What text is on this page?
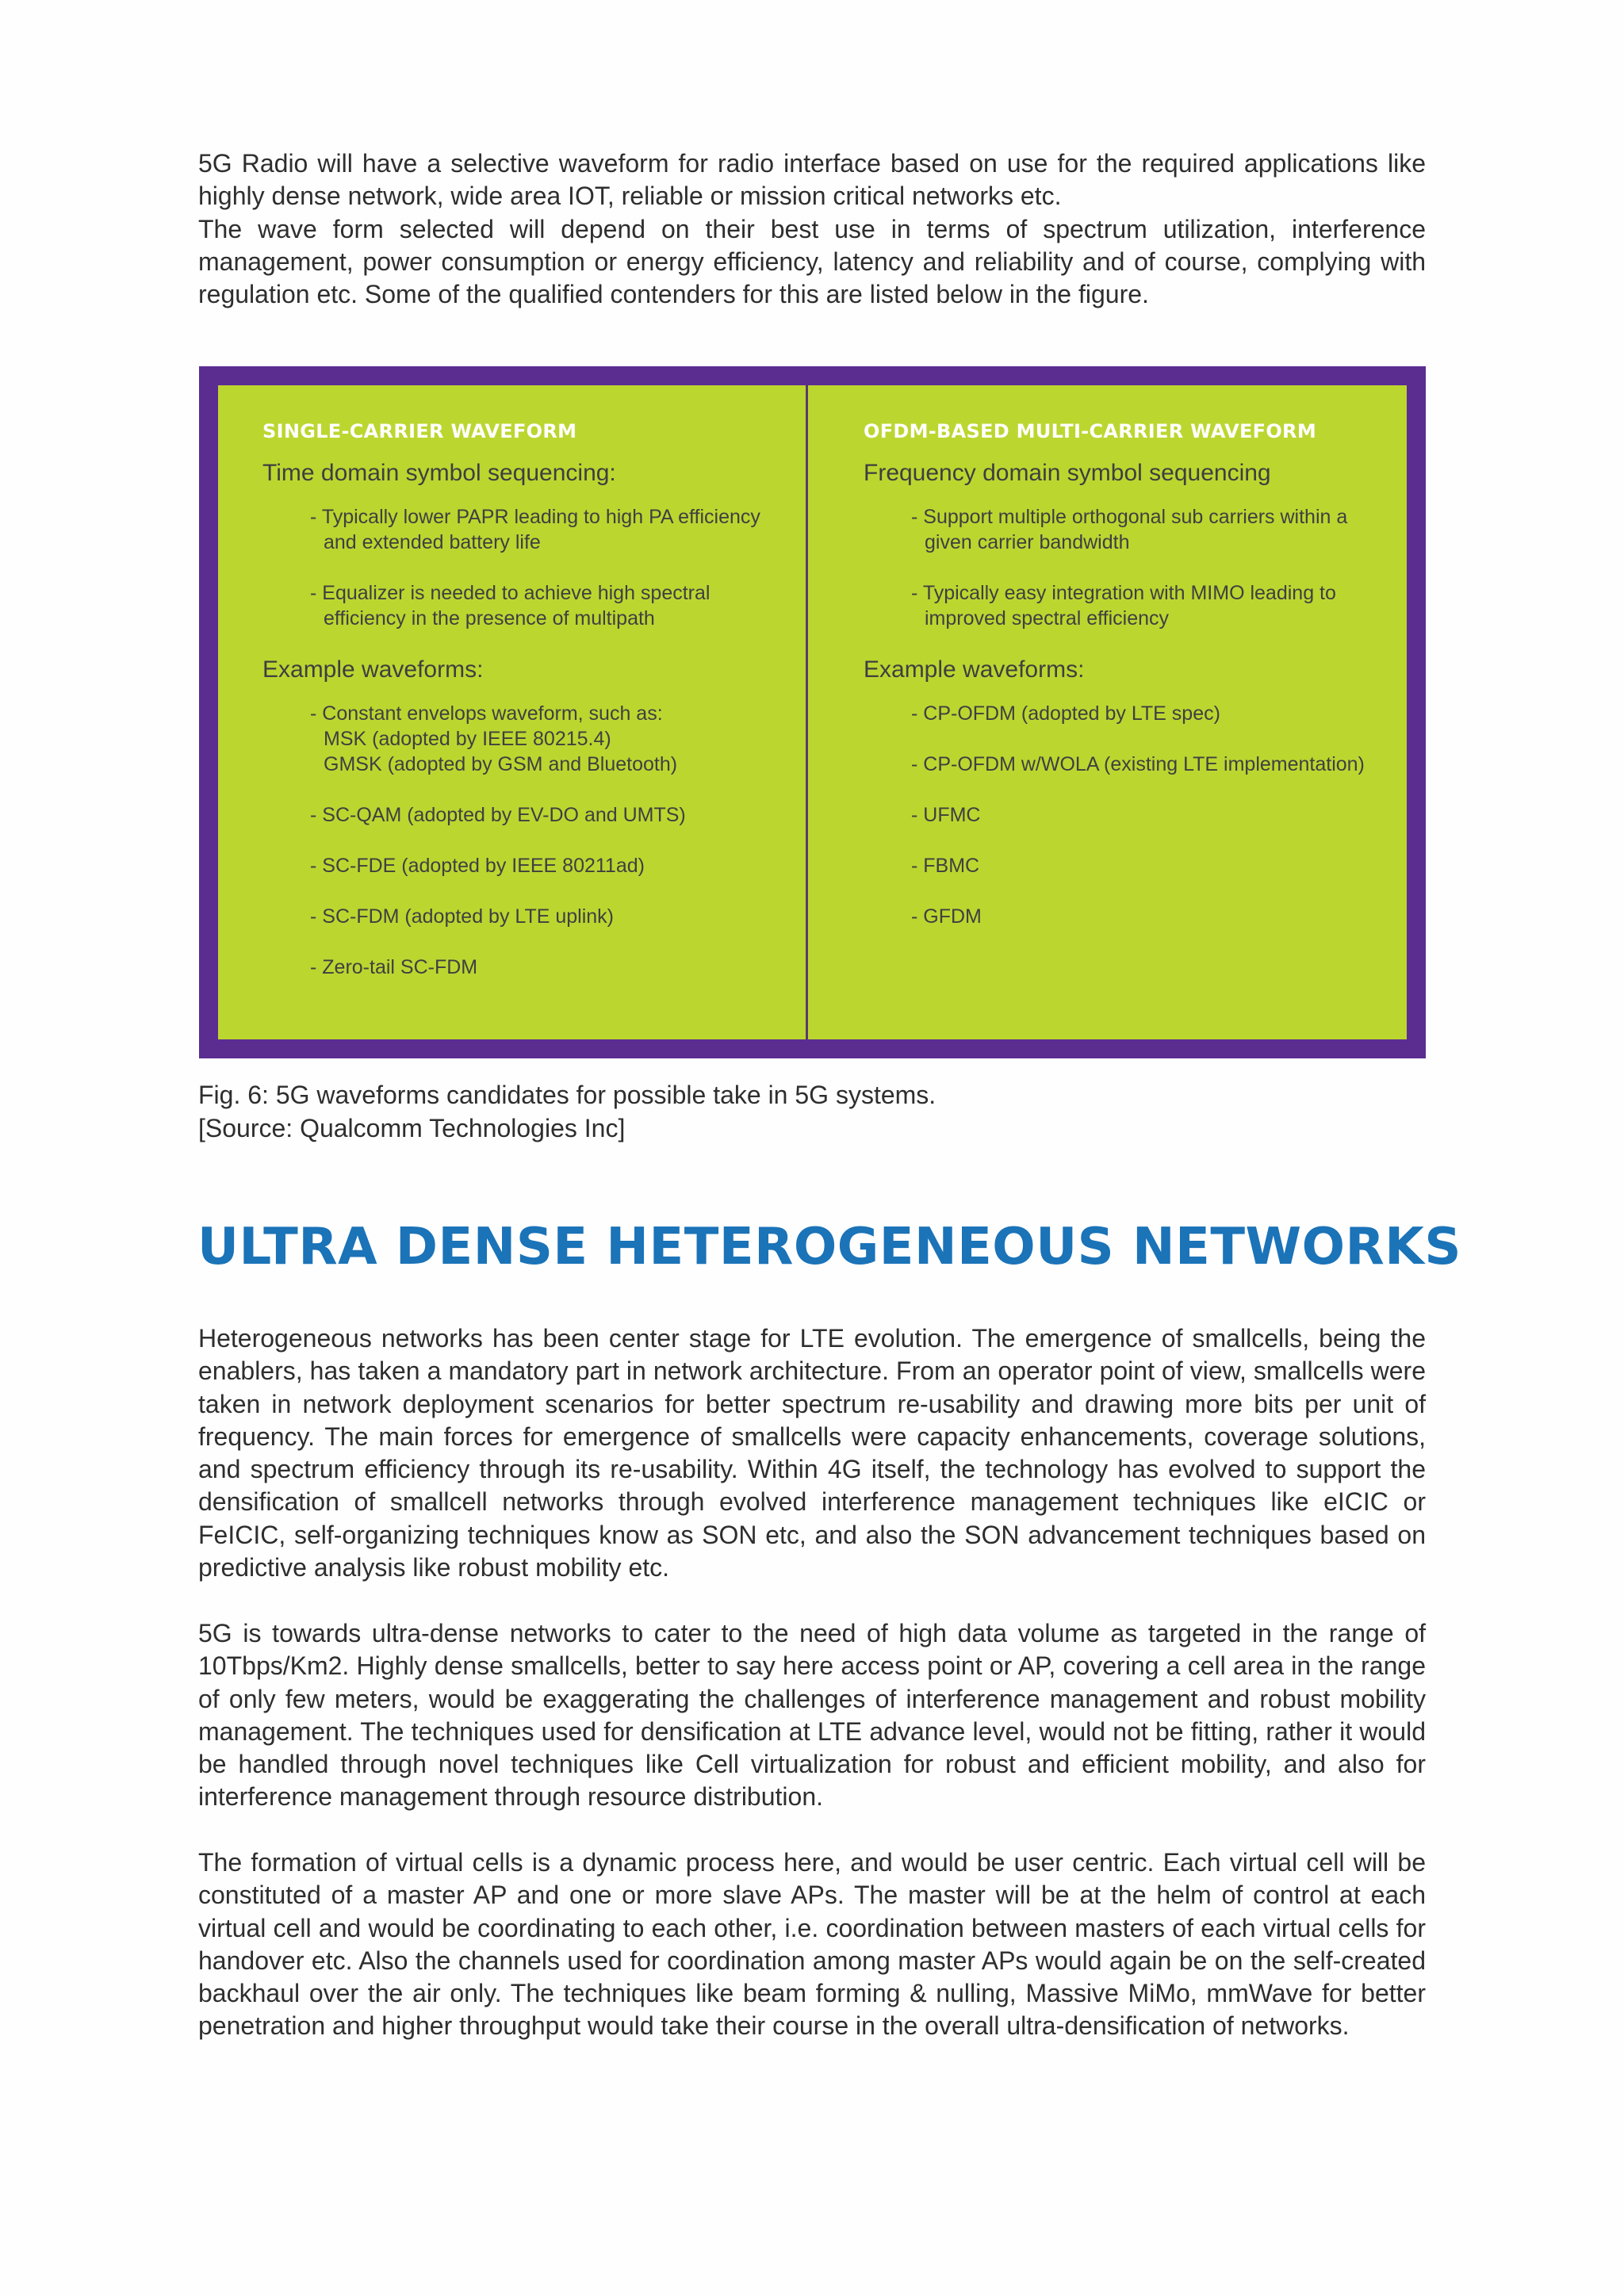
5G Radio will have a selective waveform for radio interface based on use for the required applications like highly dense network, wide area IOT, reliable or mission critical networks etc.
The wave form selected will depend on their best use in terms of spectrum utilization, interference management, power consumption or energy efficiency, latency and reliability and of course, complying with regulation etc. Some of the qualified contenders for this are listed below in the figure.
SINGLE-CARRIER WAVEFORM

Time domain symbol sequencing:

- Typically lower PAPR leading to high PA efficiency
and extended battery life
- Equalizer is needed to achieve high spectral
efficiency in the presence of multipath

Example waveforms:

- Constant envelops waveform, such as:
MSK (adopted by IEEE 80215.4)
GMSK (adopted by GSM and Bluetooth)
- SC-QAM (adopted by EV-DO and UMTS)
- SC-FDE (adopted by IEEE 80211ad)
- SC-FDM (adopted by LTE uplink)
- Zero-tail SC-FDM
OFDM-BASED MULTI-CARRIER WAVEFORM

Frequency domain symbol sequencing

- Support multiple orthogonal sub carriers within a
given carrier bandwidth
- Typically easy integration with MIMO leading to
improved spectral efficiency

Example waveforms:

- CP-OFDM (adopted by LTE spec)
- CP-OFDM w/WOLA (existing LTE implementation)
- UFMC
- FBMC
- GFDM

Fig. 6: 5G waveforms candidates for possible take in 5G systems.
[Source: Qualcomm Technologies Inc]

ULTRA DENSE HETEROGENEOUS NETWORKS

Heterogeneous networks has been center stage for LTE evolution. The emergence of smallcells, being the enablers, has taken a mandatory part in network architecture. From an operator point of view, smallcells were taken in network deployment scenarios for better spectrum re-usability and drawing more bits per unit of frequency. The main forces for emergence of smallcells were capacity enhancements, coverage solutions, and spectrum efficiency through its re-usability. Within 4G itself, the technology has evolved to support the densification of smallcell networks through evolved interference management techniques like eICIC or FeICIC, self-organizing techniques know as SON etc, and also the SON advancement techniques based on predictive analysis like robust mobility etc.

5G is towards ultra-dense networks to cater to the need of high data volume as targeted in the range of 10Tbps/Km2. Highly dense smallcells, better to say here access point or AP, covering a cell area in the range of only few meters, would be exaggerating the challenges of interference management and robust mobility management. The techniques used for densification at LTE advance level, would not be fitting, rather it would be handled through novel techniques like Cell virtualization for robust and efficient mobility, and also for interference management through resource distribution.

The formation of virtual cells is a dynamic process here, and would be user centric. Each virtual cell will be constituted of a master AP and one or more slave APs. The master will be at the helm of control at each virtual cell and would be coordinating to each other, i.e. coordination between masters of each virtual cells for handover etc. Also the channels used for coordination among master APs would again be on the self-created backhaul over the air only. The techniques like beam forming & nulling, Massive MiMo, mmWave for better penetration and higher throughput would take their course in the overall ultra-densification of networks.
